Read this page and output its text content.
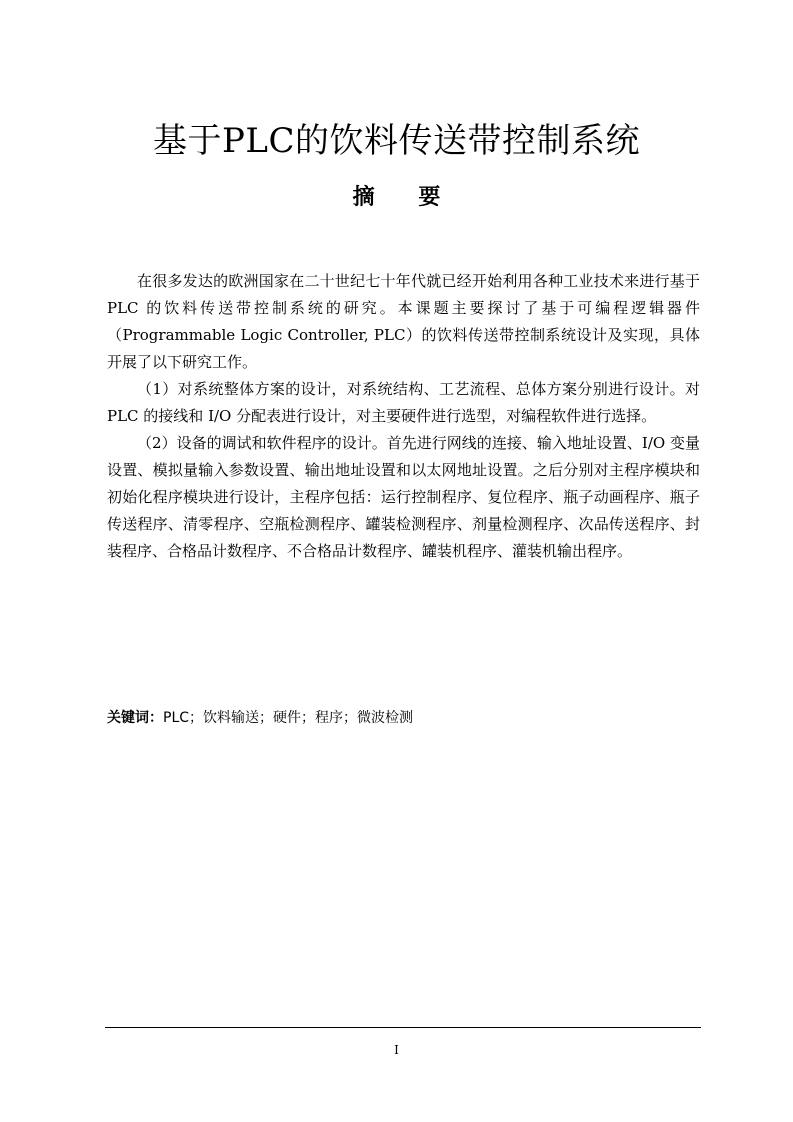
基于PLC的饮料传送带控制系统
摘 要

在很多发达的欧洲国家在二十世纪七十年代就已经开始利用各种工业技术来进行基于 PLC 的饮料传送带控制系统的研究。本课题主要探讨了基于可编程逻辑器件（Programmable Logic Controller, PLC）的饮料传送带控制系统设计及实现，具体开展了以下研究工作。

（1）对系统整体方案的设计，对系统结构、工艺流程、总体方案分别进行设计。对 PLC 的接线和 I/O 分配表进行设计，对主要硬件进行选型，对编程软件进行选择。

（2）设备的调试和软件程序的设计。首先进行网线的连接、输入地址设置、I/O 变量设置、模拟量输入参数设置、输出地址设置和以太网地址设置。之后分别对主程序模块和初始化程序模块进行设计，主程序包括：运行控制程序、复位程序、瓶子动画程序、瓶子传送程序、清零程序、空瓶检测程序、罐装检测程序、剂量检测程序、次品传送程序、封装程序、合格品计数程序、不合格品计数程序、罐装机程序、灌装机输出程序。

关键词：PLC；饮料输送；硬件；程序；微波检测
I
